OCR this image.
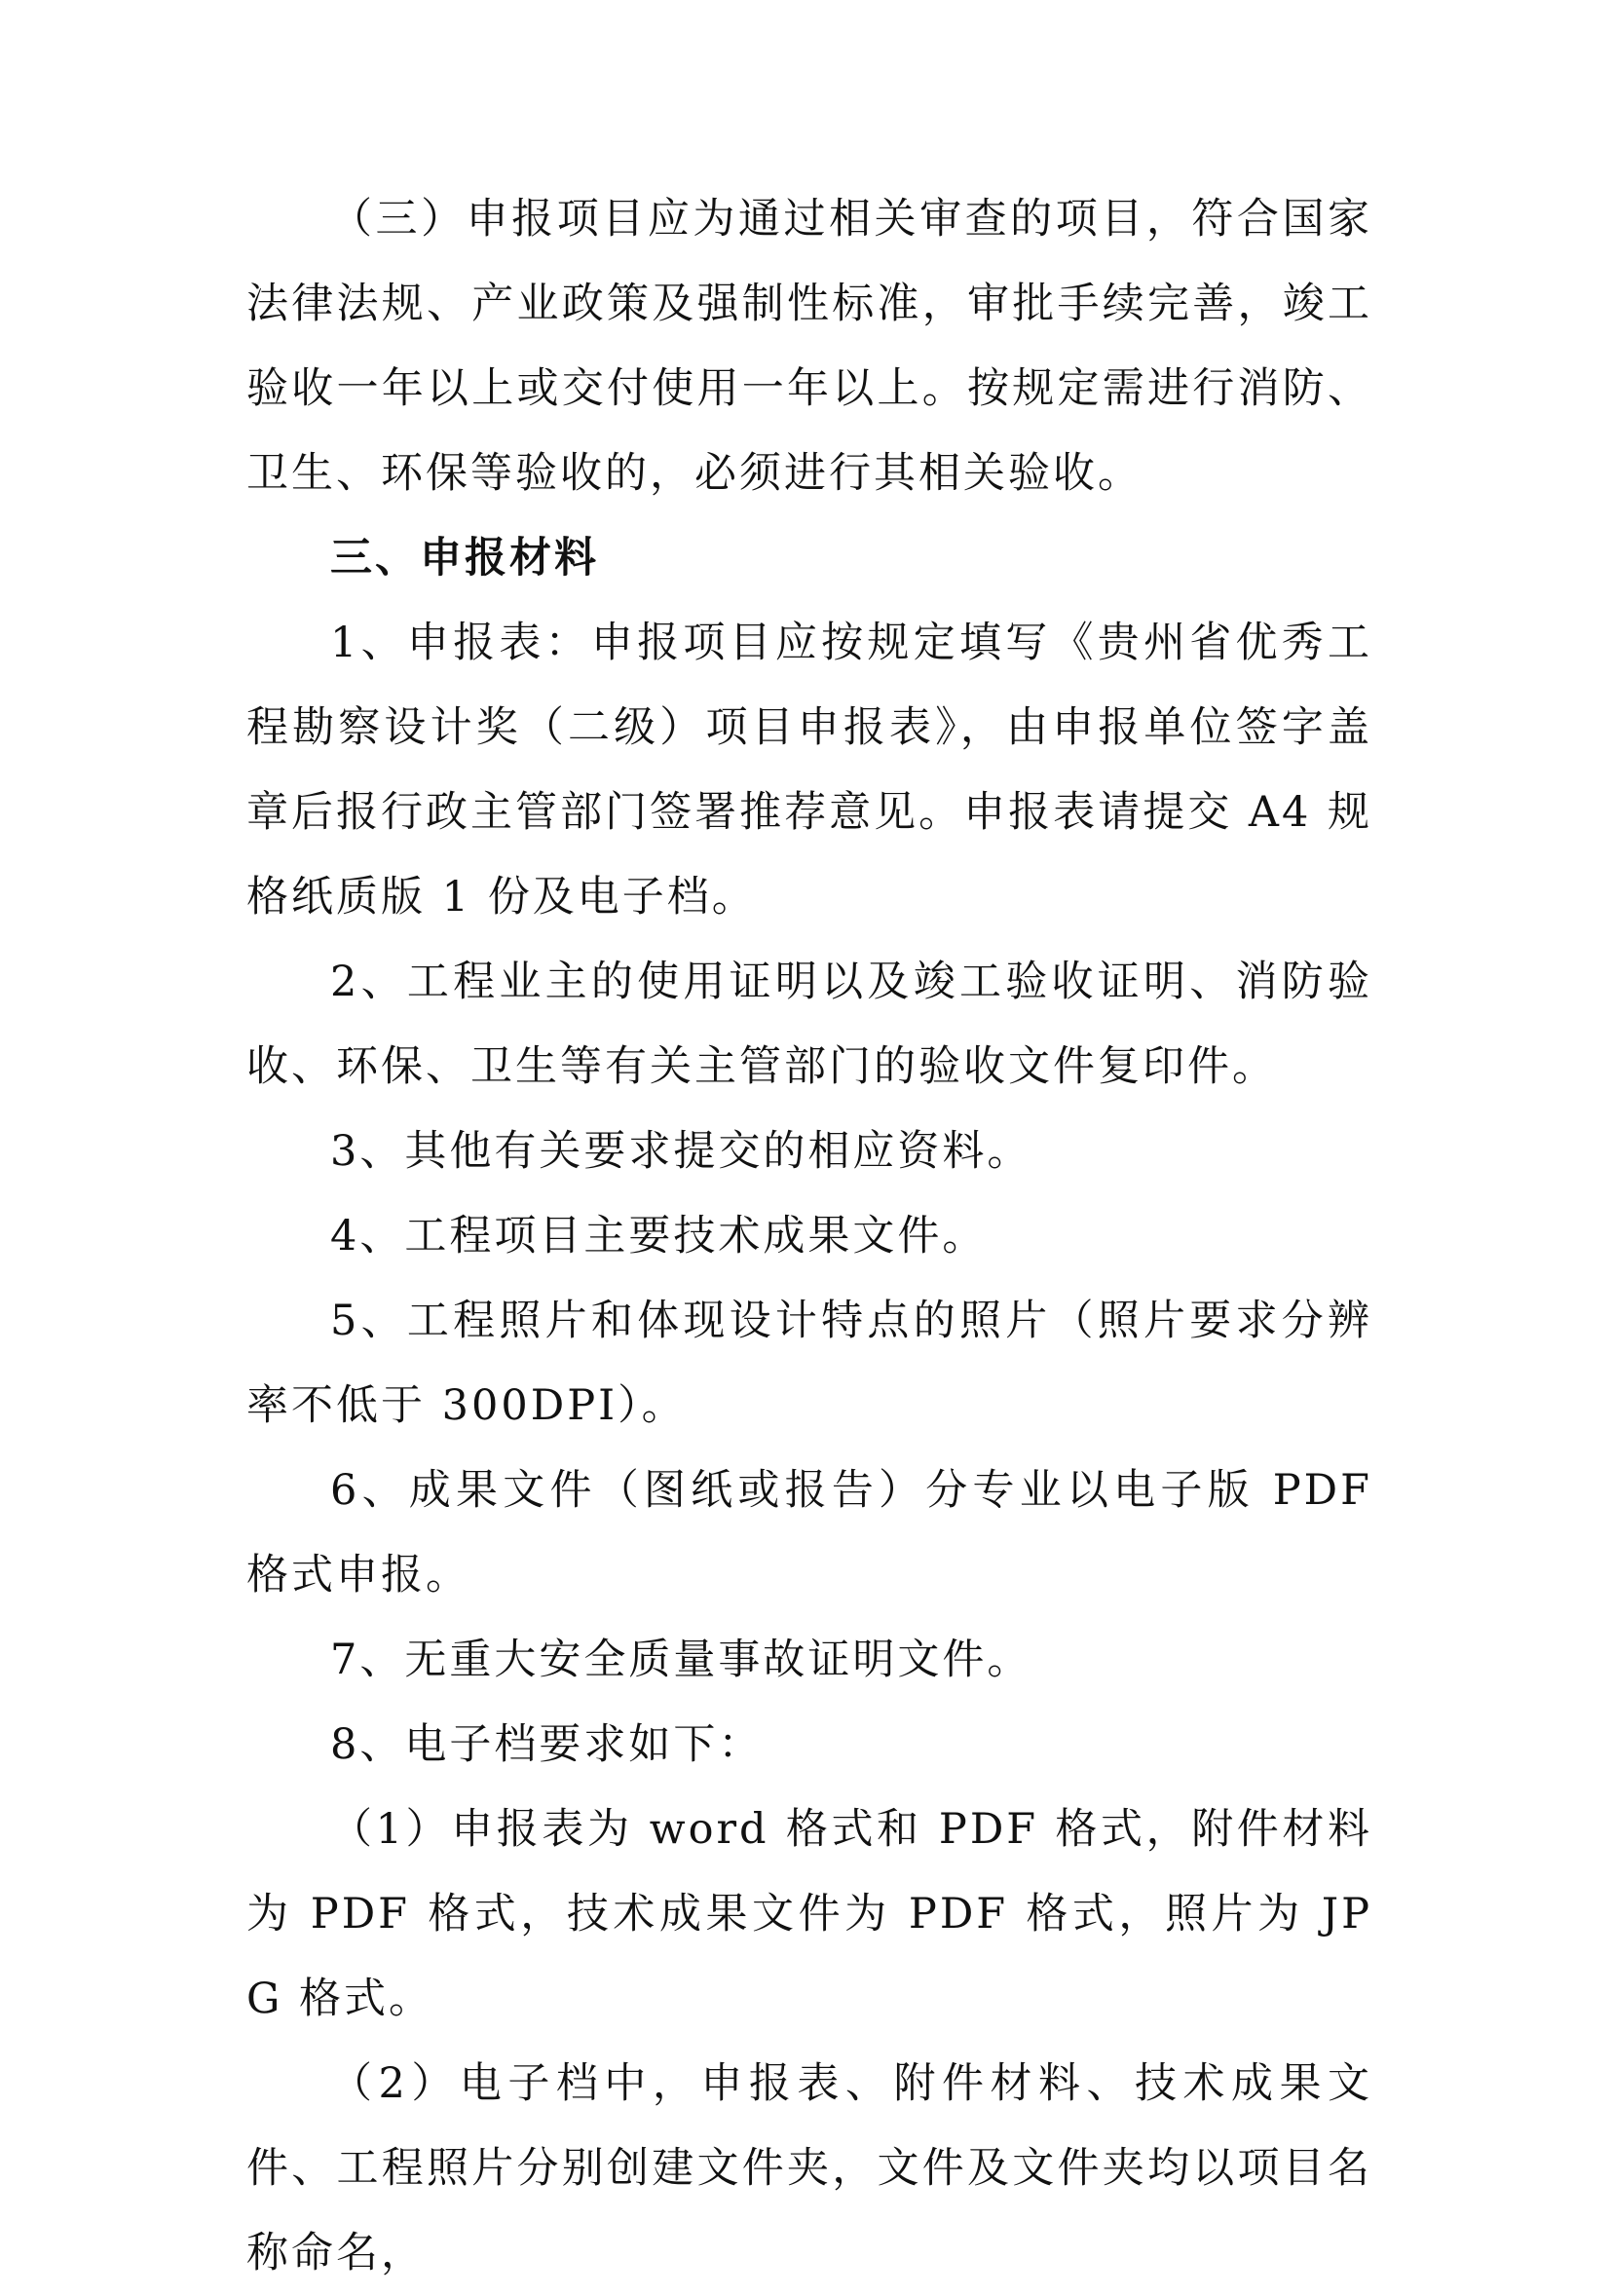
（三）申报项目应为通过相关审查的项目，符合国家法律法规、产业政策及强制性标准，审批手续完善，竣工验收一年以上或交付使用一年以上。按规定需进行消防、卫生、环保等验收的，必须进行其相关验收。

三、申报材料

1、申报表：申报项目应按规定填写《贵州省优秀工程勘察设计奖（二级）项目申报表》，由申报单位签字盖章后报行政主管部门签署推荐意见。申报表请提交 A4 规格纸质版 1 份及电子档。

2、工程业主的使用证明以及竣工验收证明、消防验收、环保、卫生等有关主管部门的验收文件复印件。

3、其他有关要求提交的相应资料。

4、工程项目主要技术成果文件。

5、工程照片和体现设计特点的照片（照片要求分辨率不低于 300DPI）。

6、成果文件（图纸或报告）分专业以电子版 PDF 格式申报。

7、无重大安全质量事故证明文件。

8、电子档要求如下：

（1）申报表为 word 格式和 PDF 格式，附件材料为 PDF 格式，技术成果文件为 PDF 格式，照片为 JPG 格式。

（2）电子档中，申报表、附件材料、技术成果文件、工程照片分别创建文件夹，文件及文件夹均以项目名称命名，
